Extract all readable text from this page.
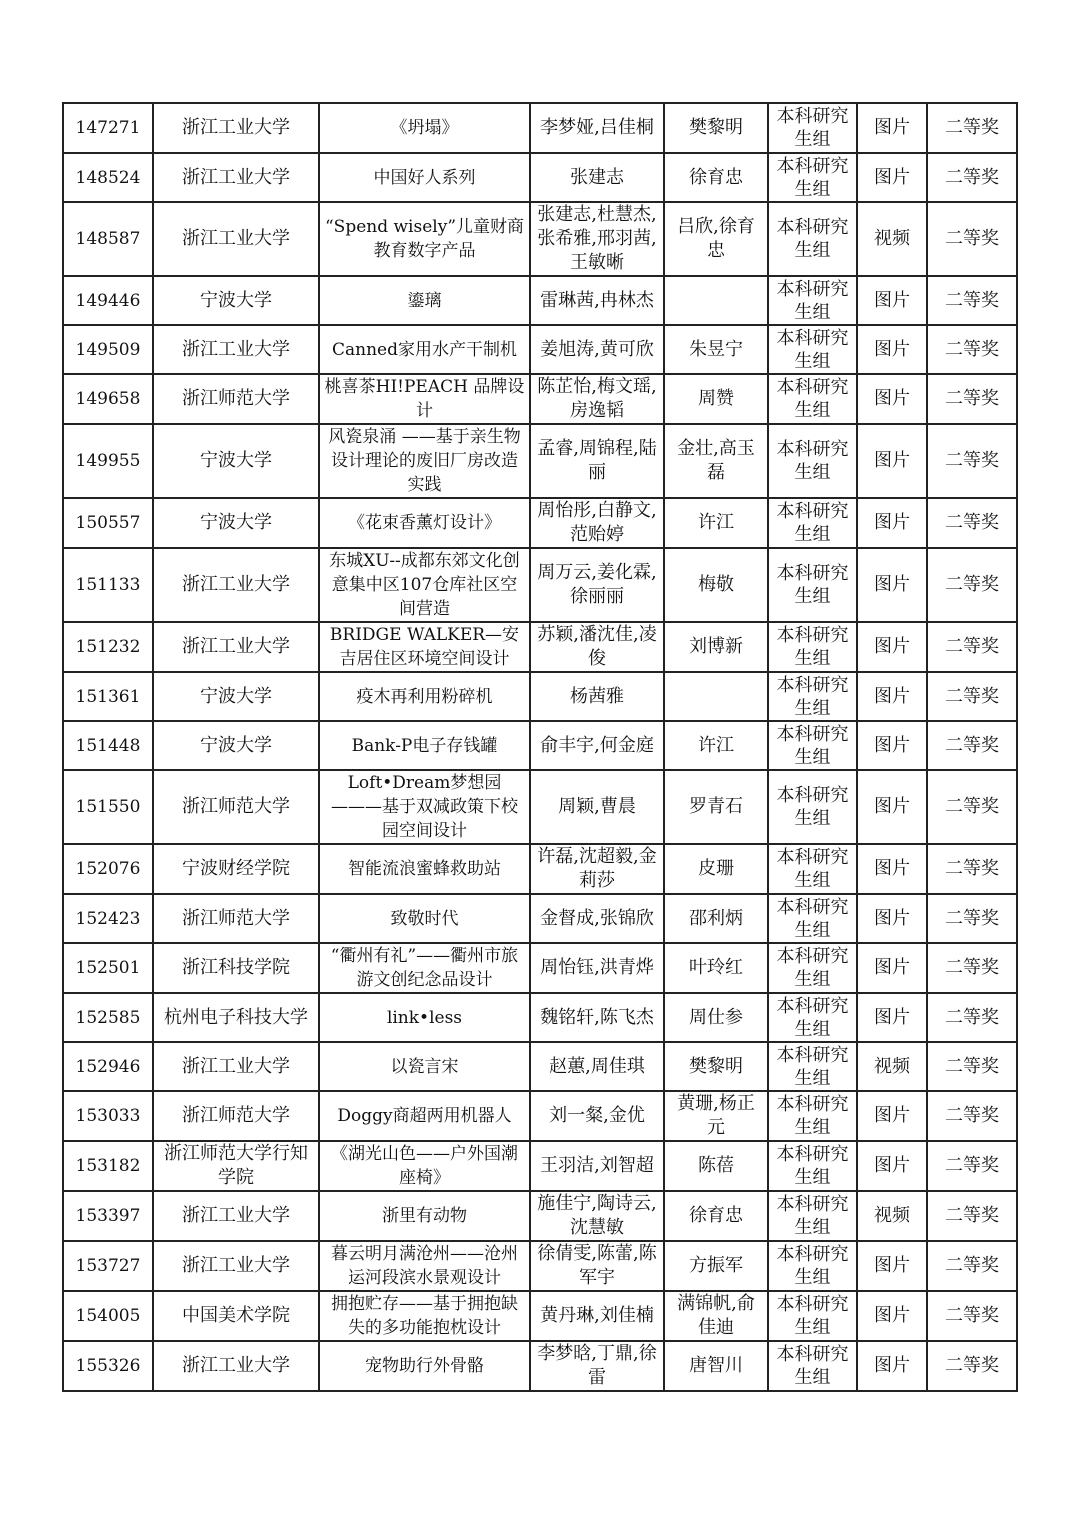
147271	浙江工业大学	《坍塌》	李梦娅,吕佳桐	樊黎明	本科研究生组	图片	二等奖
148524	浙江工业大学	中国好人系列	张建志	徐育忠	本科研究生组	图片	二等奖
148587	浙江工业大学	“Spend wisely”儿童财商教育数字产品	张建志,杜慧杰,张希雅,邢羽茜,王敏晰	吕欣,徐育忠	本科研究生组	视频	二等奖
149446	宁波大学	鎏璃	雷琳茜,冉林杰		本科研究生组	图片	二等奖
149509	浙江工业大学	Canned家用水产干制机	姜旭涛,黄可欣	朱昱宁	本科研究生组	图片	二等奖
149658	浙江师范大学	桃喜茶HI!PEACH 品牌设计	陈芷怡,梅文瑶,房逸韬	周赞	本科研究生组	图片	二等奖
149955	宁波大学	风瓷泉涌 ——基于亲生物设计理论的废旧厂房改造实践	孟睿,周锦程,陆丽	金壮,高玉磊	本科研究生组	图片	二等奖
150557	宁波大学	《花束香薰灯设计》	周怡彤,白静文,范贻婷	许江	本科研究生组	图片	二等奖
151133	浙江工业大学	东城XU--成都东郊文化创意集中区107仓库社区空间营造	周万云,姜化霖,徐丽丽	梅敬	本科研究生组	图片	二等奖
151232	浙江工业大学	BRIDGE WALKER—安吉居住区环境空间设计	苏颖,潘沈佳,凌俊	刘博新	本科研究生组	图片	二等奖
151361	宁波大学	疫木再利用粉碎机	杨茜雅		本科研究生组	图片	二等奖
151448	宁波大学	Bank-P电子存钱罐	俞丰宇,何金庭	许江	本科研究生组	图片	二等奖
151550	浙江师范大学	Loft•Dream梦想园———基于双减政策下校园空间设计	周颖,曹晨	罗青石	本科研究生组	图片	二等奖
152076	宁波财经学院	智能流浪蜜蜂救助站	许磊,沈超毅,金莉莎	皮珊	本科研究生组	图片	二等奖
152423	浙江师范大学	致敬时代	金督成,张锦欣	邵利炳	本科研究生组	图片	二等奖
152501	浙江科技学院	“衢州有礼”——衢州市旅游文创纪念品设计	周怡钰,洪青烨	叶玲红	本科研究生组	图片	二等奖
152585	杭州电子科技大学	link•less	魏铭轩,陈飞杰	周仕参	本科研究生组	图片	二等奖
152946	浙江工业大学	以瓷言宋	赵蕙,周佳琪	樊黎明	本科研究生组	视频	二等奖
153033	浙江师范大学	Doggy商超两用机器人	刘一粲,金优	黄珊,杨正元	本科研究生组	图片	二等奖
153182	浙江师范大学行知学院	《湖光山色——户外国潮座椅》	王羽洁,刘智超	陈蓓	本科研究生组	图片	二等奖
153397	浙江工业大学	浙里有动物	施佳宁,陶诗云,沈慧敏	徐育忠	本科研究生组	视频	二等奖
153727	浙江工业大学	暮云明月满沧州——沧州运河段滨水景观设计	徐倩雯,陈蕾,陈军宇	方振军	本科研究生组	图片	二等奖
154005	中国美术学院	拥抱贮存——基于拥抱缺失的多功能抱枕设计	黄丹琳,刘佳楠	满锦帆,俞佳迪	本科研究生组	图片	二等奖
155326	浙江工业大学	宠物助行外骨骼	李梦晗,丁鼎,徐雷	唐智川	本科研究生组	图片	二等奖
